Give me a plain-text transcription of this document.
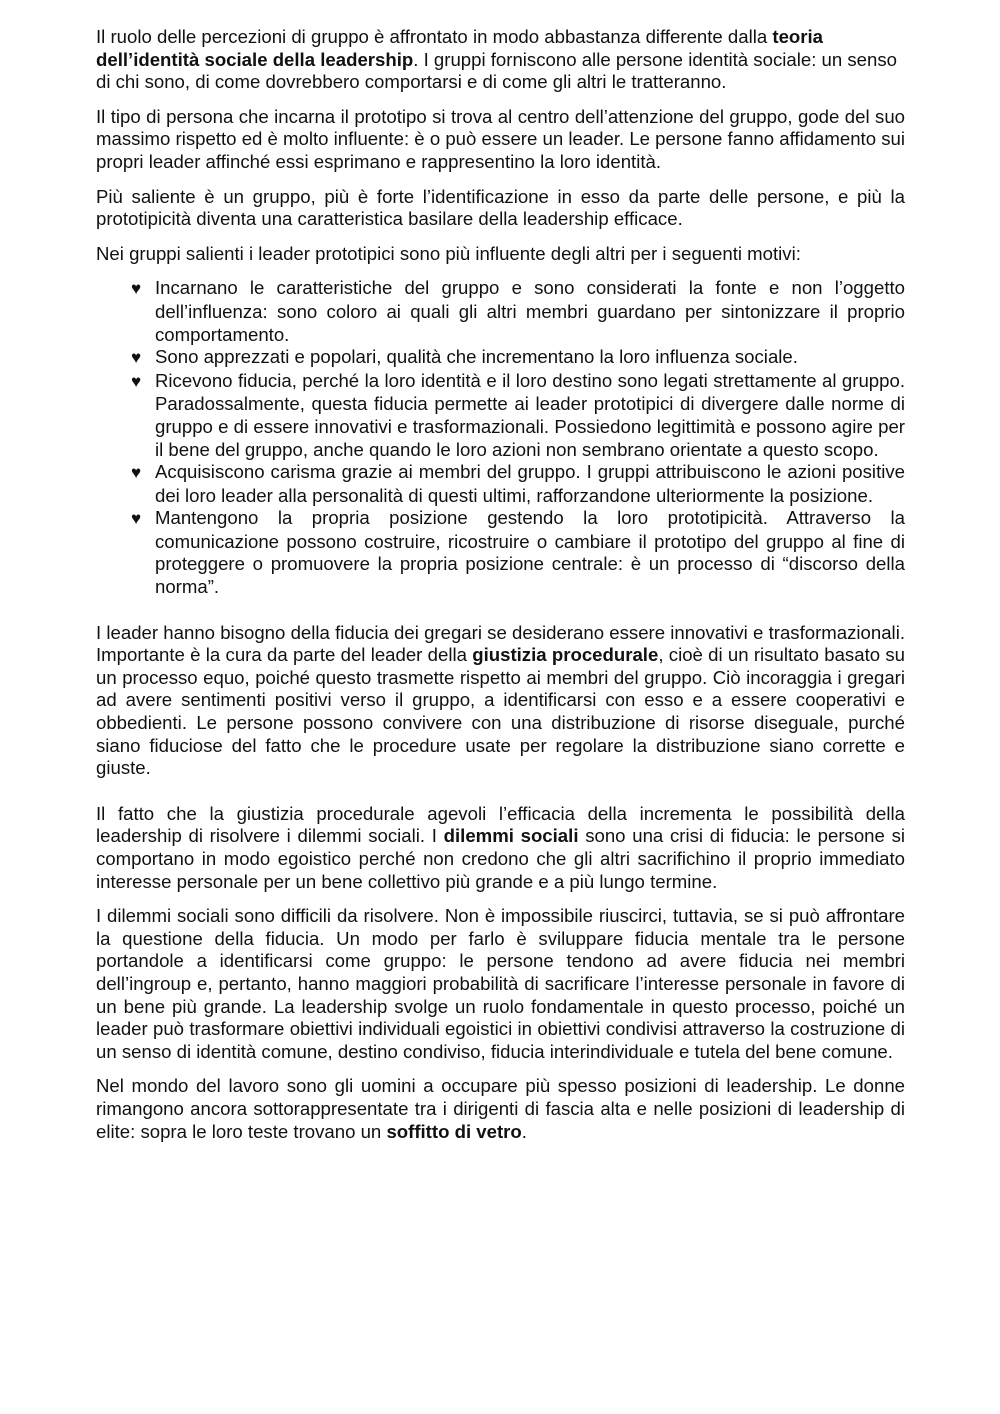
Il ruolo delle percezioni di gruppo è affrontato in modo abbastanza differente dalla teoria dell’identità sociale della leadership. I gruppi forniscono alle persone identità sociale: un senso di chi sono, di come dovrebbero comportarsi e di come gli altri le tratteranno.

Il tipo di persona che incarna il prototipo si trova al centro dell’attenzione del gruppo, gode del suo massimo rispetto ed è molto influente: è o può essere un leader. Le persone fanno affidamento sui propri leader affinché essi esprimano e rappresentino la loro identità.

Più saliente è un gruppo, più è forte l’identificazione in esso da parte delle persone, e più la prototipicità diventa una caratteristica basilare della leadership efficace.

Nei gruppi salienti i leader prototipici sono più influente degli altri per i seguenti motivi:

♥ Incarnano le caratteristiche del gruppo e sono considerati la fonte e non l’oggetto dell’influenza: sono coloro ai quali gli altri membri guardano per sintonizzare il proprio comportamento.
♥ Sono apprezzati e popolari, qualità che incrementano la loro influenza sociale.
♥ Ricevono fiducia, perché la loro identità e il loro destino sono legati strettamente al gruppo. Paradossalmente, questa fiducia permette ai leader prototipici di divergere dalle norme di gruppo e di essere innovativi e trasformazionali. Possiedono legittimità e possono agire per il bene del gruppo, anche quando le loro azioni non sembrano orientate a questo scopo.
♥ Acquisiscono carisma grazie ai membri del gruppo. I gruppi attribuiscono le azioni positive dei loro leader alla personalità di questi ultimi, rafforzandone ulteriormente la posizione.
♥ Mantengono la propria posizione gestendo la loro prototipicità. Attraverso la comunicazione possono costruire, ricostruire o cambiare il prototipo del gruppo al fine di proteggere o promuovere la propria posizione centrale: è un processo di “discorso della norma”.

I leader hanno bisogno della fiducia dei gregari se desiderano essere innovativi e trasformazionali. Importante è la cura da parte del leader della giustizia procedurale, cioè di un risultato basato su un processo equo, poiché questo trasmette rispetto ai membri del gruppo. Ciò incoraggia i gregari ad avere sentimenti positivi verso il gruppo, a identificarsi con esso e a essere cooperativi e obbedienti. Le persone possono convivere con una distribuzione di risorse diseguale, purché siano fiduciose del fatto che le procedure usate per regolare la distribuzione siano corrette e giuste.

Il fatto che la giustizia procedurale agevoli l’efficacia della incrementa le possibilità della leadership di risolvere i dilemmi sociali. I dilemmi sociali sono una crisi di fiducia: le persone si comportano in modo egoistico perché non credono che gli altri sacrifichino il proprio immediato interesse personale per un bene collettivo più grande e a più lungo termine.

I dilemmi sociali sono difficili da risolvere. Non è impossibile riuscirci, tuttavia, se si può affrontare la questione della fiducia. Un modo per farlo è sviluppare fiducia mentale tra le persone portandole a identificarsi come gruppo: le persone tendono ad avere fiducia nei membri dell’ingroup e, pertanto, hanno maggiori probabilità di sacrificare l’interesse personale in favore di un bene più grande. La leadership svolge un ruolo fondamentale in questo processo, poiché un leader può trasformare obiettivi individuali egoistici in obiettivi condivisi attraverso la costruzione di un senso di identità comune, destino condiviso, fiducia interindividuale e tutela del bene comune.

Nel mondo del lavoro sono gli uomini a occupare più spesso posizioni di leadership. Le donne rimangono ancora sottorappresentate tra i dirigenti di fascia alta e nelle posizioni di leadership di elite: sopra le loro teste trovano un soffitto di vetro.
